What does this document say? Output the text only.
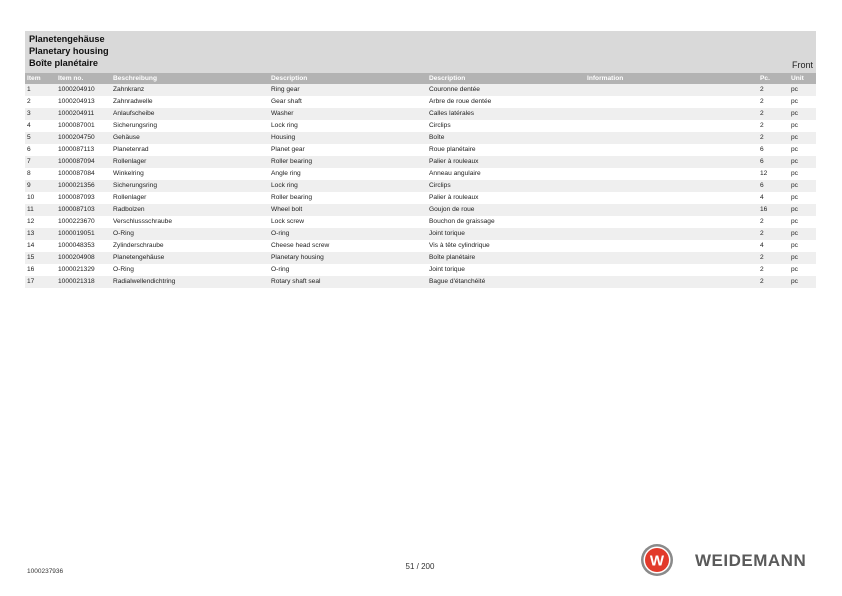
Planetengehäuse
Planetary housing
Boîte planétaire	Front
Item	Item no.	Beschreibung	Description	Description	Information	Pc.	Unit
1	1000204910	Zahnkranz	Ring gear	Couronne dentée		2	pc
2	1000204913	Zahnradwelle	Gear shaft	Arbre de roue dentée		2	pc
3	1000204911	Anlaufscheibe	Washer	Calles latérales		2	pc
4	1000087001	Sicherungsring	Lock ring	Circlips		2	pc
5	1000204750	Gehäuse	Housing	Boîte		2	pc
6	1000087113	Planetenrad	Planet gear	Roue planétaire		6	pc
7	1000087094	Rollenlager	Roller bearing	Palier à rouleaux		6	pc
8	1000087084	Winkelring	Angle ring	Anneau angulaire		12	pc
9	1000021356	Sicherungsring	Lock ring	Circlips		6	pc
10	1000087093	Rollenlager	Roller bearing	Palier à rouleaux		4	pc
11	1000087103	Radbolzen	Wheel bolt	Goujon de roue		16	pc
12	1000223670	Verschlussschraube	Lock screw	Bouchon de graissage		2	pc
13	1000019051	O-Ring	O-ring	Joint torique		2	pc
14	1000048353	Zylinderschraube	Cheese head screw	Vis à tête cylindrique		4	pc
15	1000204908	Planetengehäuse	Planetary housing	Boîte planétaire		2	pc
16	1000021329	O-Ring	O-ring	Joint torique		2	pc
17	1000021318	Radialwellendichtring	Rotary shaft seal	Bague d'étanchéité		2	pc
1000237936
51 / 200	W WEIDEMANN
